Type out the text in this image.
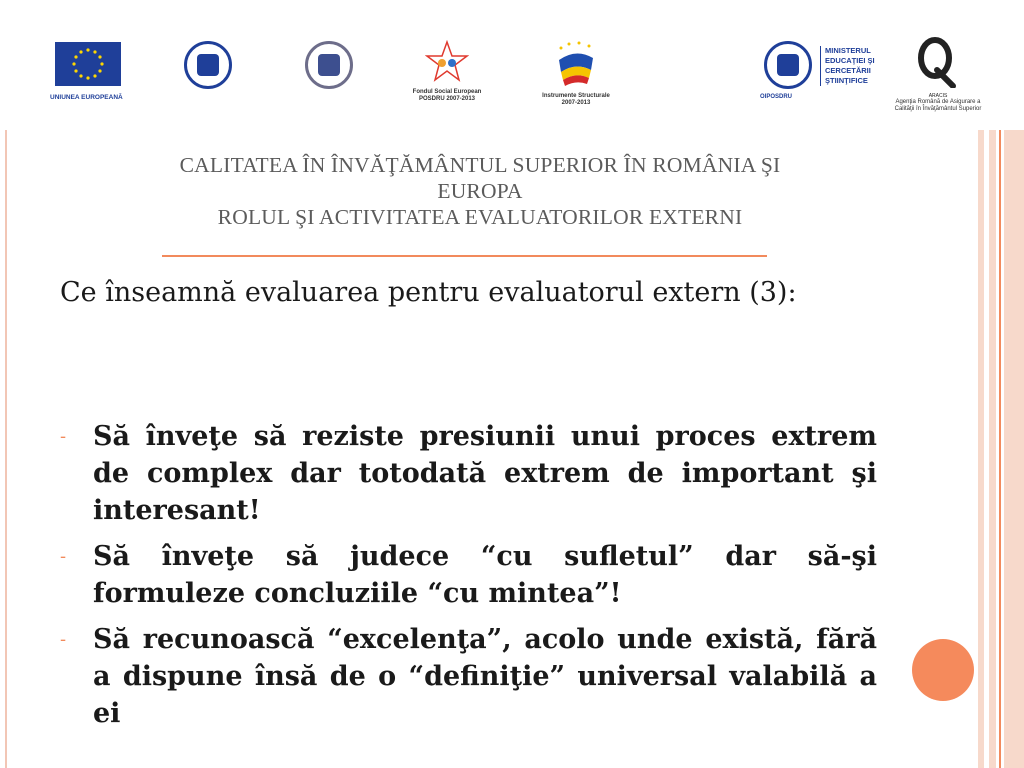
UNIUNEA EUROPEANĂ
Fondul Social European POSDRU 2007-2013	Instrumente Structurale 2007-2013
OIPOSDRU
MINISTERUL EDUCAŢIEI ŞI CERCETĂRII ŞTIINŢIFICE
ARACIS
Agenţia Română de Asigurare a Calităţii în Învăţământul Superior
CALITATEA ÎN ÎNVĂŢĂMÂNTUL SUPERIOR ÎN ROMÂNIA ŞI
EUROPA
ROLUL ŞI ACTIVITATEA EVALUATORILOR EXTERNI
Ce înseamnă evaluarea pentru evaluatorul extern (3):
- Să înveţe să reziste presiunii unui proces extrem de complex dar totodată extrem de important şi interesant!
- Să înveţe să judece “cu sufletul” dar să-şi formuleze concluziile “cu mintea”!
- Să recunoască “excelenţa”, acolo unde există, fără a dispune însă de o “definiţie” universal valabilă a ei
